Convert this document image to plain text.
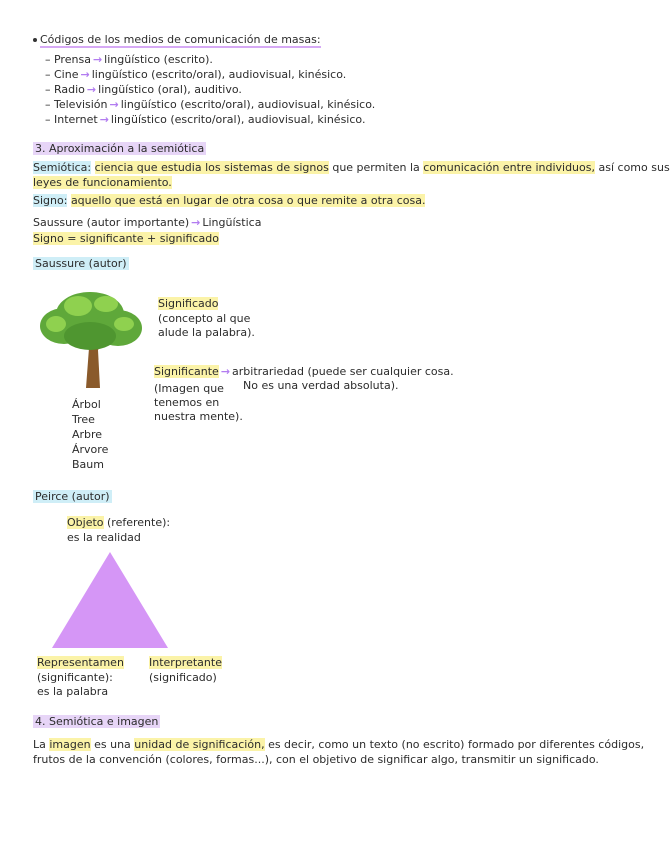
Códigos de los medios de comunicación de masas:
– Prensa → lingüístico (escrito).
– Cine → lingüístico (escrito/oral), audiovisual, kinésico.
– Radio → lingüístico (oral), auditivo.
– Televisión → lingüístico (escrito/oral), audiovisual, kinésico.
– Internet → lingüístico (escrito/oral), audiovisual, kinésico.
3. Aproximación a la semiótica
Semiótica: ciencia que estudia los sistemas de signos que permiten la comunicación entre individuos, así como sus
leyes de funcionamiento.
Signo: aquello que está en lugar de otra cosa o que remite a otra cosa.
Saussure (autor importante) → Lingüística
Signo = significante + significado
Saussure (autor)
Significado
(concepto al que
alude la palabra).
Significante → arbitrariedad (puede ser cualquier cosa.
No es una verdad absoluta).
(Imagen que
tenemos en
nuestra mente).
Árbol
Tree
Arbre
Árvore
Baum
Peirce (autor)
Objeto (referente):
es la realidad
Representamen
(significante):
es la palabra
Interpretante
(significado)
4. Semiótica e imagen
La imagen es una unidad de significación, es decir, como un texto (no escrito) formado por diferentes códigos,
frutos de la convención (colores, formas...), con el objetivo de significar algo, transmitir un significado.
